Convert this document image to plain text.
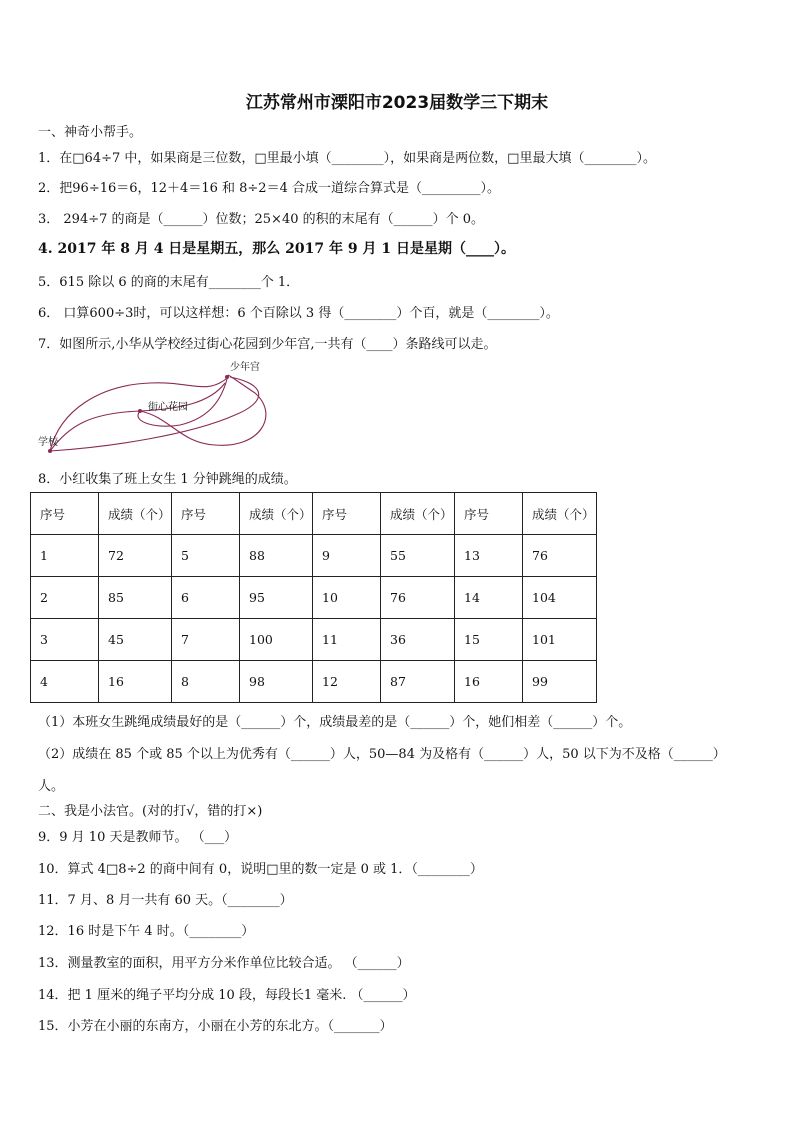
江苏常州市溧阳市2023届数学三下期末
一、神奇小帮手。
1．在□64÷7 中，如果商是三位数，□里最小填（________），如果商是两位数，□里最大填（________）。
2．把96÷16＝6，12＋4＝16 和 8÷2＝4 合成一道综合算式是（_________）。
3． 294÷7 的商是（______）位数；25×40 的积的末尾有（______）个 0。
4. 2017 年 8 月 4 日是星期五，那么 2017 年 9 月 1 日是星期（____）。
5．615 除以 6 的商的末尾有________个 1．
6． 口算600÷3时，可以这样想：6 个百除以 3 得（________）个百，就是（________）。
7．如图所示,小华从学校经过街心花园到少年宫,一共有（____）条路线可以走。
少年宫
街心花园
学校
8．小红收集了班上女生 1 分钟跳绳的成绩。
序号	成绩（个）	序号	成绩（个）	序号	成绩（个）	序号	成绩（个）
1	72	5	88	9	55	13	76
2	85	6	95	10	76	14	104
3	45	7	100	11	36	15	101
4	16	8	98	12	87	16	99
（1）本班女生跳绳成绩最好的是（______）个，成绩最差的是（______）个，她们相差（______）个。
（2）成绩在 85 个或 85 个以上为优秀有（______）人，50—84 为及格有（______）人，50 以下为不及格（______）
人。
二、我是小法官。(对的打√，错的打×)
9．9 月 10 天是教师节。 （___）
10．算式 4□8÷2 的商中间有 0，说明□里的数一定是 0 或 1．（________）
11．7 月、8 月一共有 60 天。（________）
12．16 时是下午 4 时。（________）
13．测量教室的面积，用平方分米作单位比较合适。 （______）
14．把 1 厘米的绳子平均分成 10 段，每段长1 毫米. （______）
15．小芳在小丽的东南方，小丽在小芳的东北方。（_______）
